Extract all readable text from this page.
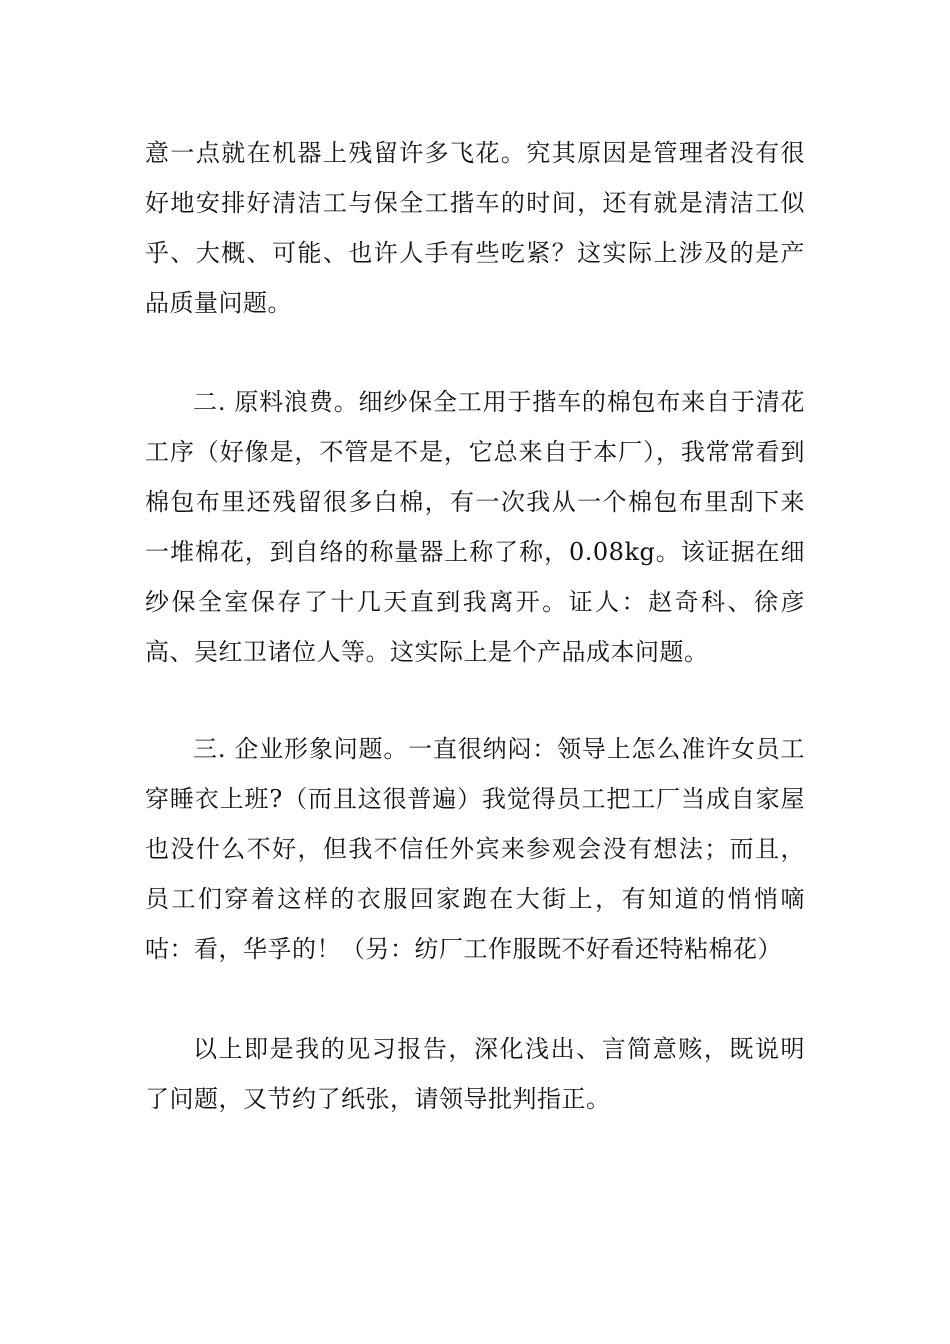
意一点就在机器上残留许多飞花。究其原因是管理者没有很好地安排好清洁工与保全工揩车的时间，还有就是清洁工似乎、大概、可能、也许人手有些吃紧？这实际上涉及的是产品质量问题。

二. 原料浪费。细纱保全工用于揩车的棉包布来自于清花工序（好像是，不管是不是，它总来自于本厂），我常常看到棉包布里还残留很多白棉，有一次我从一个棉包布里刮下来一堆棉花，到自络的称量器上称了称，0.08kg。该证据在细纱保全室保存了十几天直到我离开。证人：赵奇科、徐彦高、吴红卫诸位人等。这实际上是个产品成本问题。

三. 企业形象问题。一直很纳闷：领导上怎么准许女员工穿睡衣上班?（而且这很普遍）我觉得员工把工厂当成自家屋也没什么不好，但我不信任外宾来参观会没有想法；而且，员工们穿着这样的衣服回家跑在大街上，有知道的悄悄嘀咕：看，华孚的！（另：纺厂工作服既不好看还特粘棉花）

以上即是我的见习报告，深化浅出、言简意赅，既说明了问题，又节约了纸张，请领导批判指正。
